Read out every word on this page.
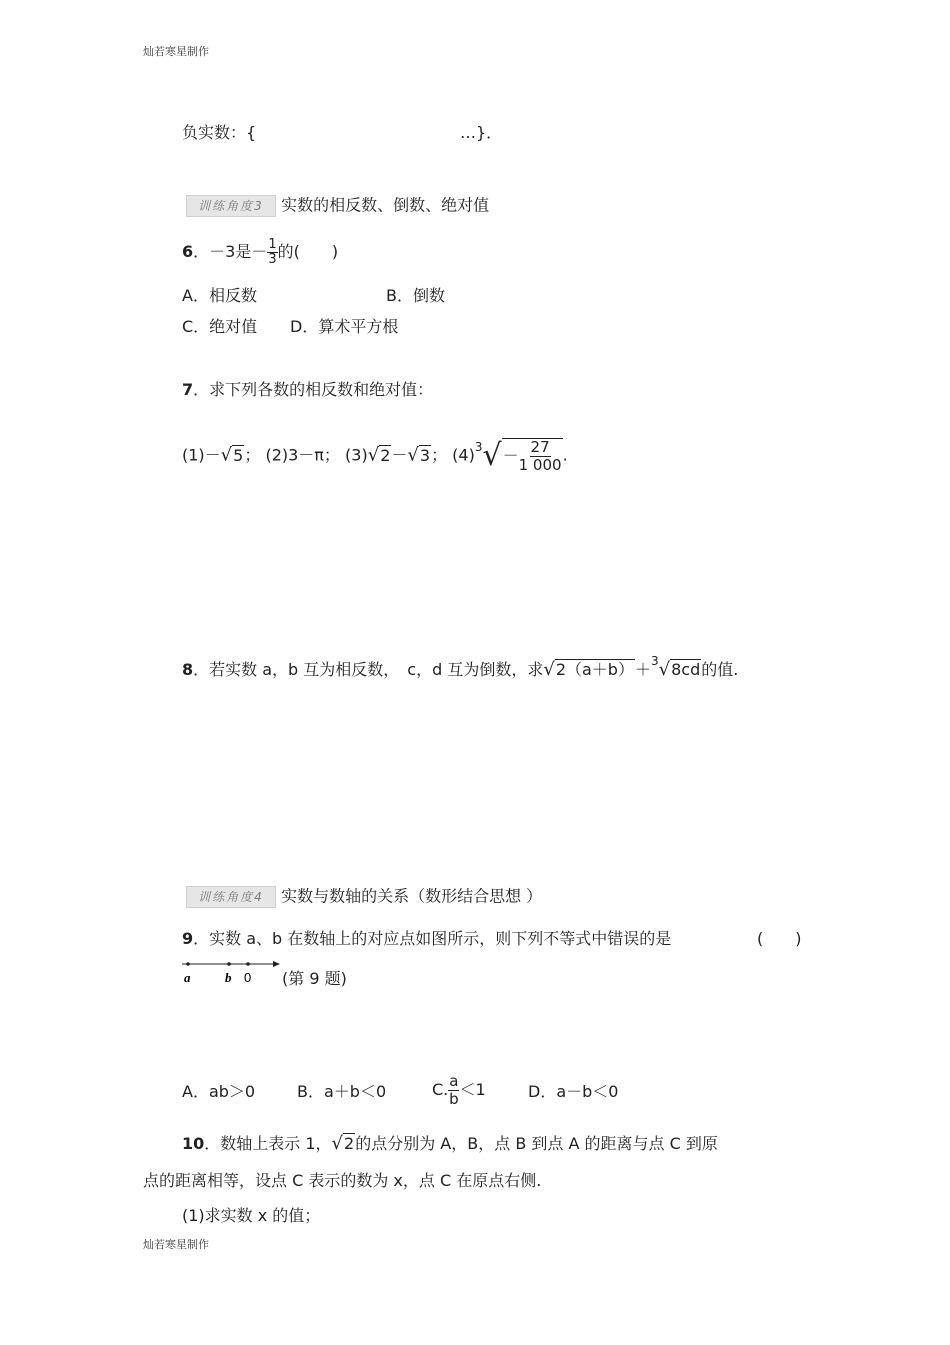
灿若寒星制作
负实数：{	…}．
训练角度3 实数的相反数、倒数、绝对值
6．－3是－ $\frac{1}{3}$ 的(　　)
A．相反数	B．倒数
C．绝对值 D．算术平方根
7．求下列各数的相反数和绝对值：
(1)－√5； (2)3－π； (3)√2－√3； $(4)^3√- \frac{27}{1 000}$ .
8．若实数 a，b 互为相反数，　c，d 互为倒数，求√2（a＋b）＋$^3$√8cd的值.
训练角度4 实数与数轴的关系（数形结合思想 ）
9．实数 a、b 在数轴上的对应点如图所示，则下列不等式中错误的是	(　　)
a	b 0 (第 9 题)
A．ab＞0	B．a＋b＜0	C. $\frac{a}{b} <1$	D．a－b＜0
10．数轴上表示 1，√2的点分别为 A，B，点 B 到点 A 的距离与点 C 到原
点的距离相等，设点 C 表示的数为 x，点 C 在原点右侧.
(1)求实数 x 的值；
灿若寒星制作
